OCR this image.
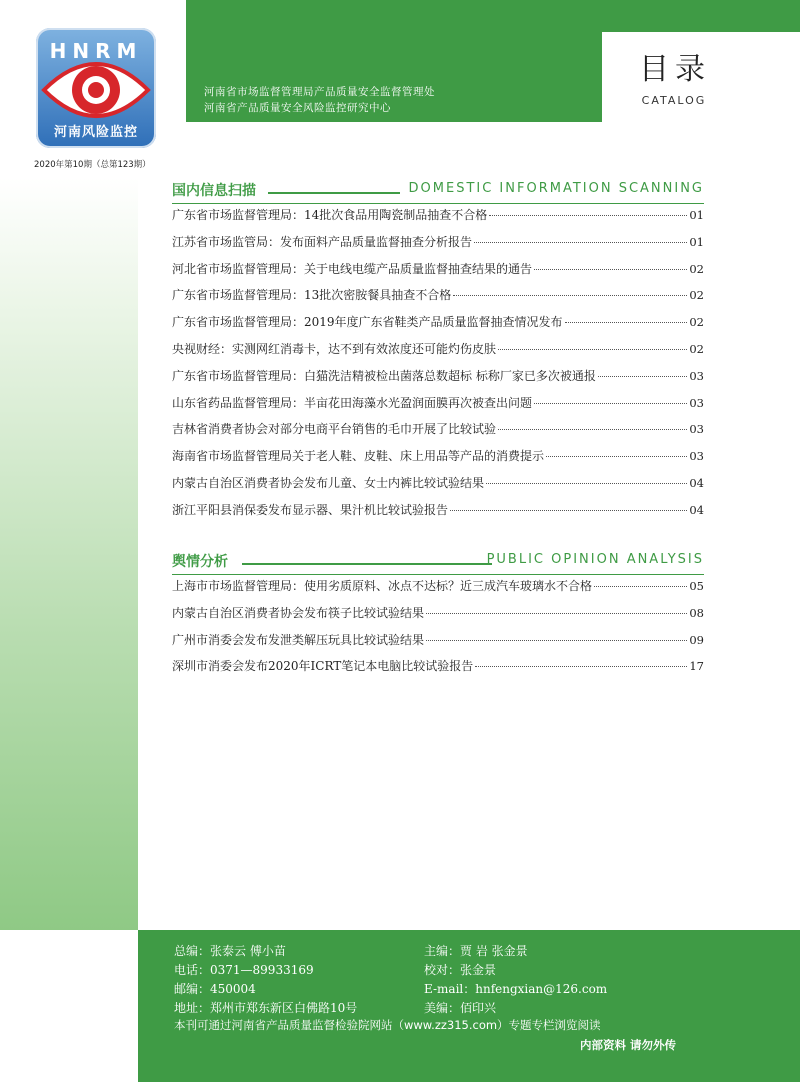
河南省市场监督管理局产品质量安全监督管理处
河南省产品质量安全风险监控研究中心
目录
CATALOG
HNRM
河南风险监控
2020年第10期（总第123期）
国内信息扫描	DOMESTIC INFORMATION SCANNING
广东省市场监督管理局：14批次食品用陶瓷制品抽查不合格	01
江苏省市场监管局：发布面料产品质量监督抽查分析报告	01
河北省市场监督管理局：关于电线电缆产品质量监督抽查结果的通告	02
广东省市场监督管理局：13批次密胺餐具抽查不合格	02
广东省市场监督管理局：2019年度广东省鞋类产品质量监督抽查情况发布	02
央视财经：实测网红消毒卡，达不到有效浓度还可能灼伤皮肤	02
广东省市场监督管理局：白猫洗洁精被检出菌落总数超标 标称厂家已多次被通报	03
山东省药品监督管理局：半亩花田海藻水光盈润面膜再次被查出问题	03
吉林省消费者协会对部分电商平台销售的毛巾开展了比较试验	03
海南省市场监督管理局关于老人鞋、皮鞋、床上用品等产品的消费提示	03
内蒙古自治区消费者协会发布儿童、女士内裤比较试验结果	04
浙江平阳县消保委发布显示器、果汁机比较试验报告	04
舆情分析	PUBLIC OPINION ANALYSIS
上海市市场监督管理局：使用劣质原料、冰点不达标？近三成汽车玻璃水不合格	05
内蒙古自治区消费者协会发布筷子比较试验结果	08
广州市消委会发布发泄类解压玩具比较试验结果	09
深圳市消委会发布2020年ICRT笔记本电脑比较试验报告	17
总编：张泰云 傅小苗	主编：贾 岩 张金景
电话：0371—89933169	校对：张金景
邮编：450004	E-mail：hnfengxian@126.com
地址：郑州市郑东新区白佛路10号	美编：佰印兴
本刊可通过河南省产品质量监督检验院网站（www.zz315.com）专题专栏浏览阅读
内部资料 请勿外传
